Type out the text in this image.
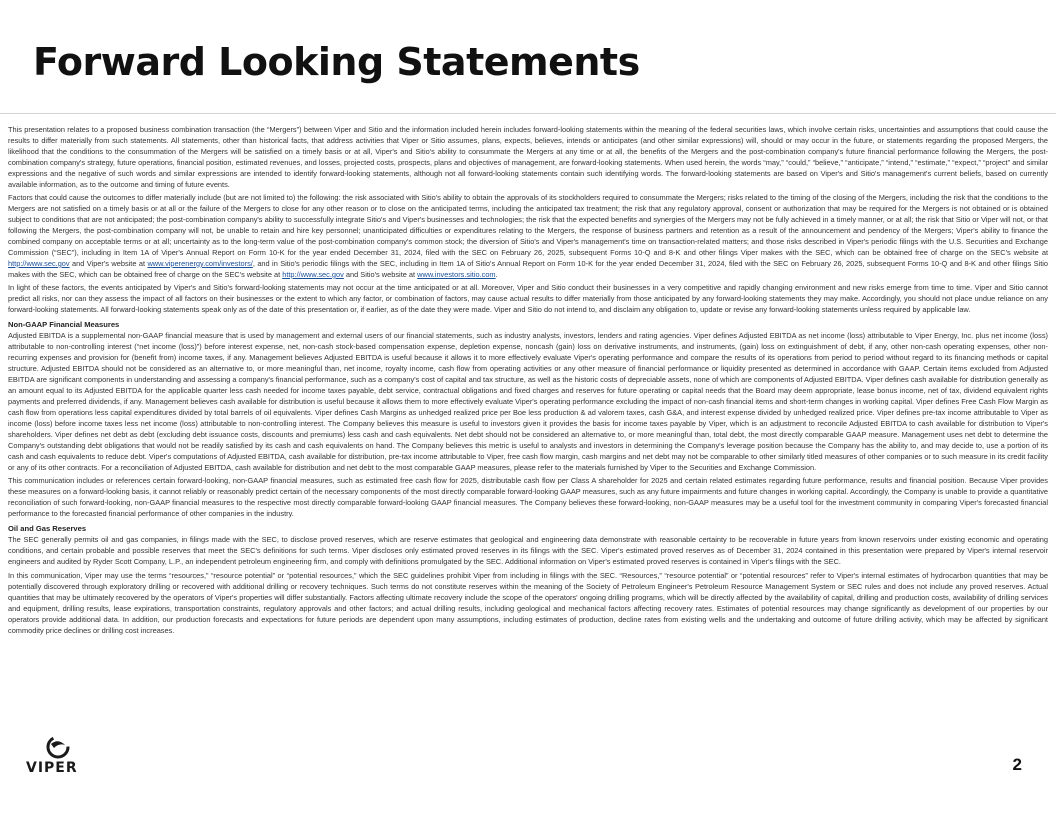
Forward Looking Statements

This presentation relates to a proposed business combination transaction (the “Mergers”) between Viper and Sitio and the information included herein includes forward-looking statements within the meaning of the federal securities laws, which involve certain risks, uncertainties and assumptions that could cause the results to differ materially from such statements. All statements, other than historical facts, that address activities that Viper or Sitio assumes, plans, expects, believes, intends or anticipates (and other similar expressions) will, should or may occur in the future, or statements regarding the proposed Mergers, the likelihood that the conditions to the consummation of the Mergers will be satisfied on a timely basis or at all, Viper's and Sitio's ability to consummate the Mergers at any time or at all, the benefits of the Mergers and the post-combination company's future financial performance following the Mergers, the post-combination company's strategy, future operations, financial position, estimated revenues, and losses, projected costs, prospects, plans and objectives of management, are forward-looking statements. When used herein, the words “may,” “could,” “believe,” “anticipate,” “intend,” “estimate,” “expect,” “project” and similar expressions and the negative of such words and similar expressions are intended to identify forward-looking statements, although not all forward-looking statements contain such identifying words. The forward-looking statements are based on Viper's and Sitio's management's current beliefs, based on currently available information, as to the outcome and timing of future events.

Factors that could cause the outcomes to differ materially include (but are not limited to) the following: the risk associated with Sitio's ability to obtain the approvals of its stockholders required to consummate the Mergers; risks related to the timing of the closing of the Mergers, including the risk that the conditions to the Mergers are not satisfied on a timely basis or at all or the failure of the Mergers to close for any other reason or to close on the anticipated terms, including the anticipated tax treatment; the risk that any regulatory approval, consent or authorization that may be required for the Mergers is not obtained or is obtained subject to conditions that are not anticipated; the post-combination company's ability to successfully integrate Sitio's and Viper's businesses and technologies; the risk that the expected benefits and synergies of the Mergers may not be fully achieved in a timely manner, or at all; the risk that Sitio or Viper will not, or that following the Mergers, the post-combination company will not, be unable to retain and hire key personnel; unanticipated difficulties or expenditures relating to the Mergers, the response of business partners and retention as a result of the announcement and pendency of the Mergers; Viper's ability to finance the combined company on acceptable terms or at all; uncertainty as to the long-term value of the post-combination company's common stock; the diversion of Sitio's and Viper's management's time on transaction-related matters; and those risks described in Viper's periodic filings with the U.S. Securities and Exchange Commission (“SEC”), including in Item 1A of Viper's Annual Report on Form 10-K for the year ended December 31, 2024, filed with the SEC on February 26, 2025, subsequent Forms 10-Q and 8-K and other filings Viper makes with the SEC, which can be obtained free of charge on the SEC's website at http://www.sec.gov and Viper's website at www.viperenergy.com/investors/, and in Sitio's periodic filings with the SEC, including in Item 1A of Sitio's Annual Report on Form 10-K for the year ended December 31, 2024, filed with the SEC on February 26, 2025, subsequent Forms 10-Q and 8-K and other filings Sitio makes with the SEC, which can be obtained free of charge on the SEC's website at http://www.sec.gov and Sitio's website at www.investors.sitio.com.

In light of these factors, the events anticipated by Viper's and Sitio's forward-looking statements may not occur at the time anticipated or at all. Moreover, Viper and Sitio conduct their businesses in a very competitive and rapidly changing environment and new risks emerge from time to time. Viper and Sitio cannot predict all risks, nor can they assess the impact of all factors on their businesses or the extent to which any factor, or combination of factors, may cause actual results to differ materially from those anticipated by any forward-looking statements they may make. Accordingly, you should not place undue reliance on any forward-looking statements. All forward-looking statements speak only as of the date of this presentation or, if earlier, as of the date they were made. Viper and Sitio do not intend to, and disclaim any obligation to, update or revise any forward-looking statements unless required by applicable law.

Non-GAAP Financial Measures

Adjusted EBITDA is a supplemental non-GAAP financial measure that is used by management and external users of our financial statements, such as industry analysts, investors, lenders and rating agencies. Viper defines Adjusted EBITDA as net income (loss) attributable to Viper Energy, Inc. plus net income (loss) attributable to non-controlling interest (“net income (loss)”) before interest expense, net, non-cash stock-based compensation expense, depletion expense, noncash (gain) loss on derivative instruments, and instruments, (gain) loss on extinguishment of debt, if any, other non-cash operating expenses, other non-recurring expenses and provision for (benefit from) income taxes, if any. Management believes Adjusted EBITDA is useful because it allows it to more effectively evaluate Viper's operating performance and compare the results of its operations from period to period without regard to its financing methods or capital structure. Adjusted EBITDA should not be considered as an alternative to, or more meaningful than, net income, royalty income, cash flow from operating activities or any other measure of financial performance or liquidity presented as determined in accordance with GAAP. Certain items excluded from Adjusted EBITDA are significant components in understanding and assessing a company's financial performance, such as a company's cost of capital and tax structure, as well as the historic costs of depreciable assets, none of which are components of Adjusted EBITDA. Viper defines cash available for distribution generally as an amount equal to its Adjusted EBITDA for the applicable quarter less cash needed for income taxes payable, debt service, contractual obligations and fixed charges and reserves for future operating or capital needs that the Board may deem appropriate, lease bonus income, net of tax, dividend equivalent rights payments and preferred dividends, if any. Management believes cash available for distribution is useful because it allows them to more effectively evaluate Viper's operating performance excluding the impact of non-cash financial items and short-term changes in working capital. Viper defines Free Cash Flow Margin as cash flow from operations less capital expenditures divided by total barrels of oil equivalents. Viper defines Cash Margins as unhedged realized price per Boe less production & ad valorem taxes, cash G&A, and interest expense divided by unhedged realized price. Viper defines pre-tax income attributable to Viper as income (loss) before income taxes less net income (loss) attributable to non-controlling interest. The Company believes this measure is useful to investors given it provides the basis for income taxes payable by Viper, which is an adjustment to reconcile Adjusted EBITDA to cash available for distribution to Viper's shareholders. Viper defines net debt as debt (excluding debt issuance costs, discounts and premiums) less cash and cash equivalents. Net debt should not be considered an alternative to, or more meaningful than, total debt, the most directly comparable GAAP measure. Management uses net debt to determine the Company's outstanding debt obligations that would not be readily satisfied by its cash and cash equivalents on hand. The Company believes this metric is useful to analysts and investors in determining the Company's leverage position because the Company has the ability to, and may decide to, use a portion of its cash and cash equivalents to reduce debt. Viper's computations of Adjusted EBITDA, cash available for distribution, pre-tax income attributable to Viper, free cash flow margin, cash margins and net debt may not be comparable to other similarly titled measures of other companies or to such measure in its credit facility or any of its other contracts. For a reconciliation of Adjusted EBITDA, cash available for distribution and net debt to the most comparable GAAP measures, please refer to the materials furnished by Viper to the Securities and Exchange Commission.

This communication includes or references certain forward-looking, non-GAAP financial measures, such as estimated free cash flow for 2025, distributable cash flow per Class A shareholder for 2025 and certain related estimates regarding future performance, results and financial position. Because Viper provides these measures on a forward-looking basis, it cannot reliably or reasonably predict certain of the necessary components of the most directly comparable forward-looking GAAP measures, such as any future impairments and future changes in working capital. Accordingly, the Company is unable to provide a quantitative reconciliation of such forward-looking, non-GAAP financial measures to the respective most directly comparable forward-looking GAAP financial measures. The Company believes these forward-looking, non-GAAP measures may be a useful tool for the investment community in comparing Viper's forecasted financial performance to the forecasted financial performance of other companies in the industry.

Oil and Gas Reserves

The SEC generally permits oil and gas companies, in filings made with the SEC, to disclose proved reserves, which are reserve estimates that geological and engineering data demonstrate with reasonable certainty to be recoverable in future years from known reservoirs under existing economic and operating conditions, and certain probable and possible reserves that meet the SEC's definitions for such terms. Viper discloses only estimated proved reserves in its filings with the SEC. Viper's estimated proved reserves as of December 31, 2024 contained in this presentation were prepared by Viper's internal reservoir engineers and audited by Ryder Scott Company, L.P., an independent petroleum engineering firm, and comply with definitions promulgated by the SEC. Additional information on Viper's estimated proved reserves is contained in Viper's filings with the SEC.

In this communication, Viper may use the terms “resources,” “resource potential” or “potential resources,” which the SEC guidelines prohibit Viper from including in filings with the SEC. “Resources,” “resource potential” or “potential resources” refer to Viper's internal estimates of hydrocarbon quantities that may be potentially discovered through exploratory drilling or recovered with additional drilling or recovery techniques. Such terms do not constitute reserves within the meaning of the Society of Petroleum Engineer's Petroleum Resource Management System or SEC rules and does not include any proved reserves. Actual quantities that may be ultimately recovered by the operators of Viper's properties will differ substantially. Factors affecting ultimate recovery include the scope of the operators' ongoing drilling programs, which will be directly affected by the availability of capital, drilling and production costs, availability of drilling services and equipment, drilling results, lease expirations, transportation constraints, regulatory approvals and other factors; and actual drilling results, including geological and mechanical factors affecting recovery rates. Estimates of potential resources may change significantly as development of our properties by our operators provide additional data. In addition, our production forecasts and expectations for future periods are dependent upon many assumptions, including estimates of production, decline rates from existing wells and the undertaking and outcome of future drilling activity, which may be affected by significant commodity price declines or drilling cost increases.

VIPER	2
